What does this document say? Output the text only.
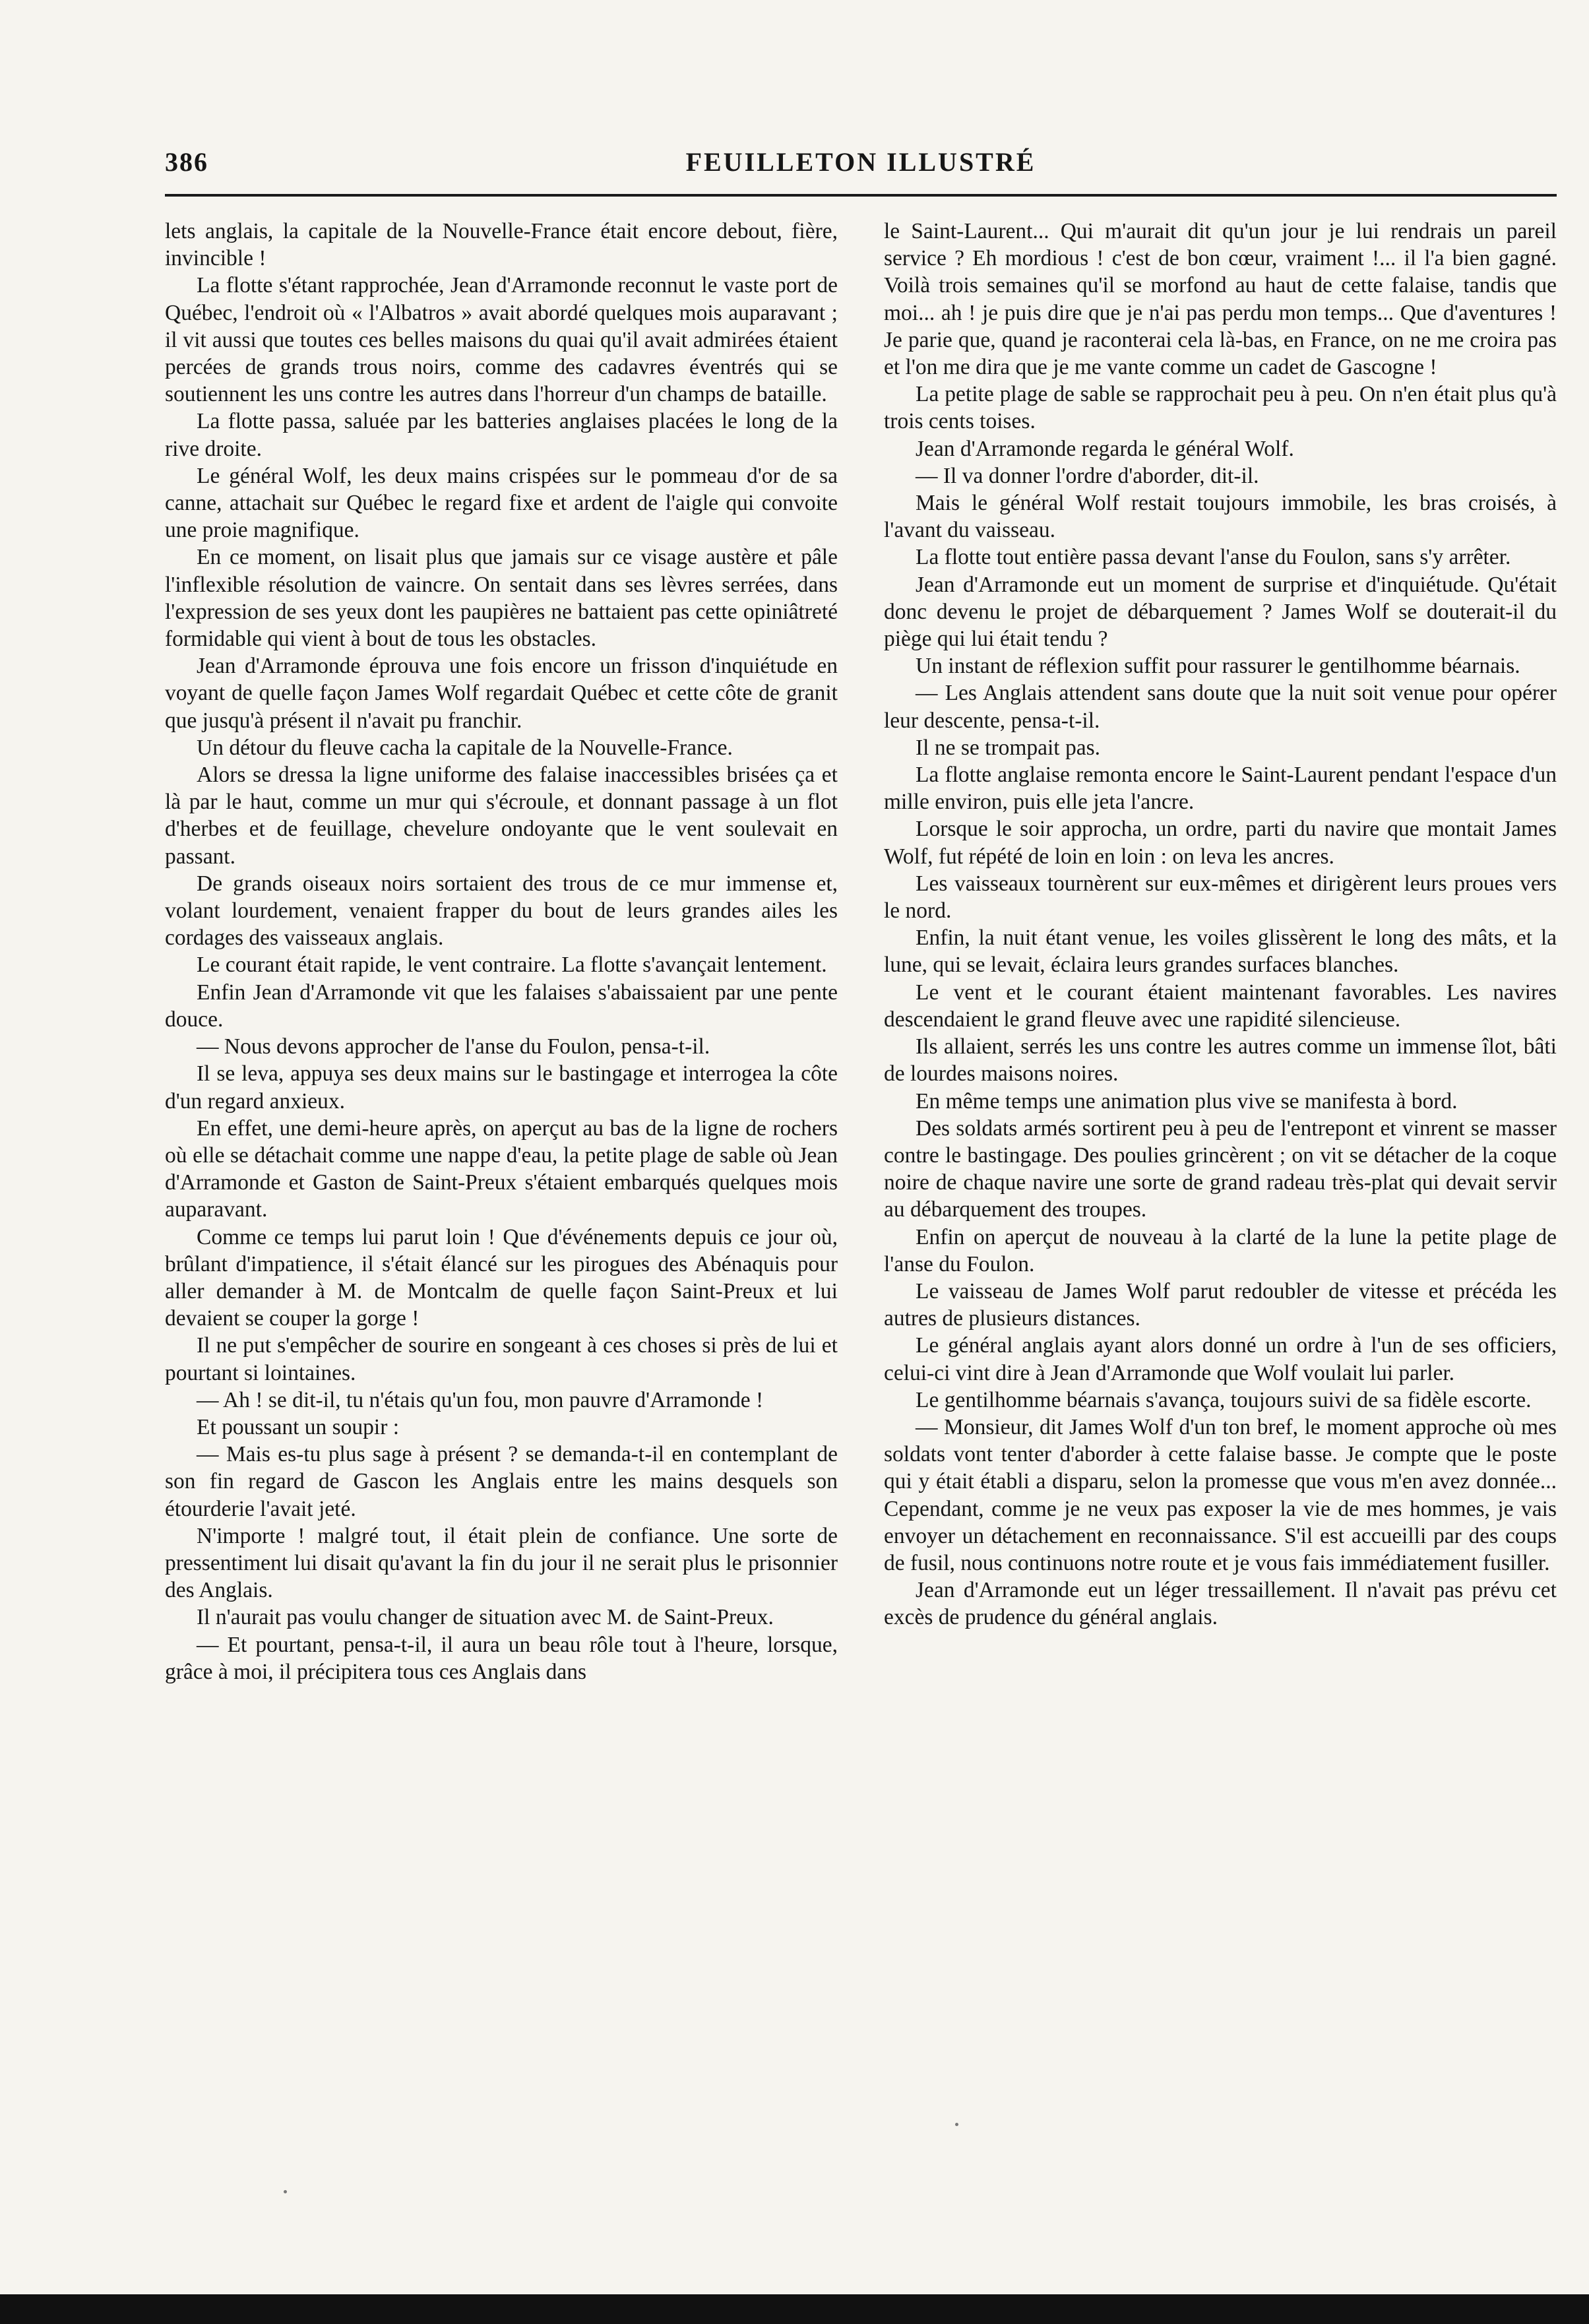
386	FEUILLETON ILLUSTRÉ

lets anglais, la capitale de la Nouvelle-France était encore debout, fière, invincible !

La flotte s'étant rapprochée, Jean d'Arramonde reconnut le vaste port de Québec, l'endroit où « l'Albatros » avait abordé quelques mois auparavant ; il vit aussi que toutes ces belles maisons du quai qu'il avait admirées étaient percées de grands trous noirs, comme des cadavres éventrés qui se soutiennent les uns contre les autres dans l'horreur d'un champs de bataille.

La flotte passa, saluée par les batteries anglaises placées le long de la rive droite.

Le général Wolf, les deux mains crispées sur le pommeau d'or de sa canne, attachait sur Québec le regard fixe et ardent de l'aigle qui convoite une proie magnifique.

En ce moment, on lisait plus que jamais sur ce visage austère et pâle l'inflexible résolution de vaincre. On sentait dans ses lèvres serrées, dans l'expression de ses yeux dont les paupières ne battaient pas cette opiniâtreté formidable qui vient à bout de tous les obstacles.

Jean d'Arramonde éprouva une fois encore un frisson d'inquiétude en voyant de quelle façon James Wolf regardait Québec et cette côte de granit que jusqu'à présent il n'avait pu franchir.

Un détour du fleuve cacha la capitale de la Nouvelle-France.

Alors se dressa la ligne uniforme des falaise inaccessibles brisées ça et là par le haut, comme un mur qui s'écroule, et donnant passage à un flot d'herbes et de feuillage, chevelure ondoyante que le vent soulevait en passant.

De grands oiseaux noirs sortaient des trous de ce mur immense et, volant lourdement, venaient frapper du bout de leurs grandes ailes les cordages des vaisseaux anglais.

Le courant était rapide, le vent contraire. La flotte s'avançait lentement.

Enfin Jean d'Arramonde vit que les falaises s'abaissaient par une pente douce.

— Nous devons approcher de l'anse du Foulon, pensa-t-il.

Il se leva, appuya ses deux mains sur le bastingage et interrogea la côte d'un regard anxieux.

En effet, une demi-heure après, on aperçut au bas de la ligne de rochers où elle se détachait comme une nappe d'eau, la petite plage de sable où Jean d'Arramonde et Gaston de Saint-Preux s'étaient embarqués quelques mois auparavant.

Comme ce temps lui parut loin ! Que d'événements depuis ce jour où, brûlant d'impatience, il s'était élancé sur les pirogues des Abénaquis pour aller demander à M. de Montcalm de quelle façon Saint-Preux et lui devaient se couper la gorge !

Il ne put s'empêcher de sourire en songeant à ces choses si près de lui et pourtant si lointaines.

— Ah ! se dit-il, tu n'étais qu'un fou, mon pauvre d'Arramonde !

Et poussant un soupir :

— Mais es-tu plus sage à présent ? se demanda-t-il en contemplant de son fin regard de Gascon les Anglais entre les mains desquels son étourderie l'avait jeté.

N'importe ! malgré tout, il était plein de confiance. Une sorte de pressentiment lui disait qu'avant la fin du jour il ne serait plus le prisonnier des Anglais.

Il n'aurait pas voulu changer de situation avec M. de Saint-Preux.

— Et pourtant, pensa-t-il, il aura un beau rôle tout à l'heure, lorsque, grâce à moi, il précipitera tous ces Anglais dans

le Saint-Laurent... Qui m'aurait dit qu'un jour je lui rendrais un pareil service ? Eh mordious ! c'est de bon cœur, vraiment !... il l'a bien gagné. Voilà trois semaines qu'il se morfond au haut de cette falaise, tandis que moi... ah ! je puis dire que je n'ai pas perdu mon temps... Que d'aventures ! Je parie que, quand je raconterai cela là-bas, en France, on ne me croira pas et l'on me dira que je me vante comme un cadet de Gascogne !

La petite plage de sable se rapprochait peu à peu. On n'en était plus qu'à trois cents toises.

Jean d'Arramonde regarda le général Wolf.

— Il va donner l'ordre d'aborder, dit-il.

Mais le général Wolf restait toujours immobile, les bras croisés, à l'avant du vaisseau.

La flotte tout entière passa devant l'anse du Foulon, sans s'y arrêter.

Jean d'Arramonde eut un moment de surprise et d'inquiétude. Qu'était donc devenu le projet de débarquement ? James Wolf se douterait-il du piège qui lui était tendu ?

Un instant de réflexion suffit pour rassurer le gentilhomme béarnais.

— Les Anglais attendent sans doute que la nuit soit venue pour opérer leur descente, pensa-t-il.

Il ne se trompait pas.

La flotte anglaise remonta encore le Saint-Laurent pendant l'espace d'un mille environ, puis elle jeta l'ancre.

Lorsque le soir approcha, un ordre, parti du navire que montait James Wolf, fut répété de loin en loin : on leva les ancres.

Les vaisseaux tournèrent sur eux-mêmes et dirigèrent leurs proues vers le nord.

Enfin, la nuit étant venue, les voiles glissèrent le long des mâts, et la lune, qui se levait, éclaira leurs grandes surfaces blanches.

Le vent et le courant étaient maintenant favorables. Les navires descendaient le grand fleuve avec une rapidité silencieuse.

Ils allaient, serrés les uns contre les autres comme un immense îlot, bâti de lourdes maisons noires.

En même temps une animation plus vive se manifesta à bord.

Des soldats armés sortirent peu à peu de l'entrepont et vinrent se masser contre le bastingage. Des poulies grincèrent ; on vit se détacher de la coque noire de chaque navire une sorte de grand radeau très-plat qui devait servir au débarquement des troupes.

Enfin on aperçut de nouveau à la clarté de la lune la petite plage de l'anse du Foulon.

Le vaisseau de James Wolf parut redoubler de vitesse et précéda les autres de plusieurs distances.

Le général anglais ayant alors donné un ordre à l'un de ses officiers, celui-ci vint dire à Jean d'Arramonde que Wolf voulait lui parler.

Le gentilhomme béarnais s'avança, toujours suivi de sa fidèle escorte.

— Monsieur, dit James Wolf d'un ton bref, le moment approche où mes soldats vont tenter d'aborder à cette falaise basse. Je compte que le poste qui y était établi a disparu, selon la promesse que vous m'en avez donnée... Cependant, comme je ne veux pas exposer la vie de mes hommes, je vais envoyer un détachement en reconnaissance. S'il est accueilli par des coups de fusil, nous continuons notre route et je vous fais immédiatement fusiller.

Jean d'Arramonde eut un léger tressaillement. Il n'avait pas prévu cet excès de prudence du général anglais.
